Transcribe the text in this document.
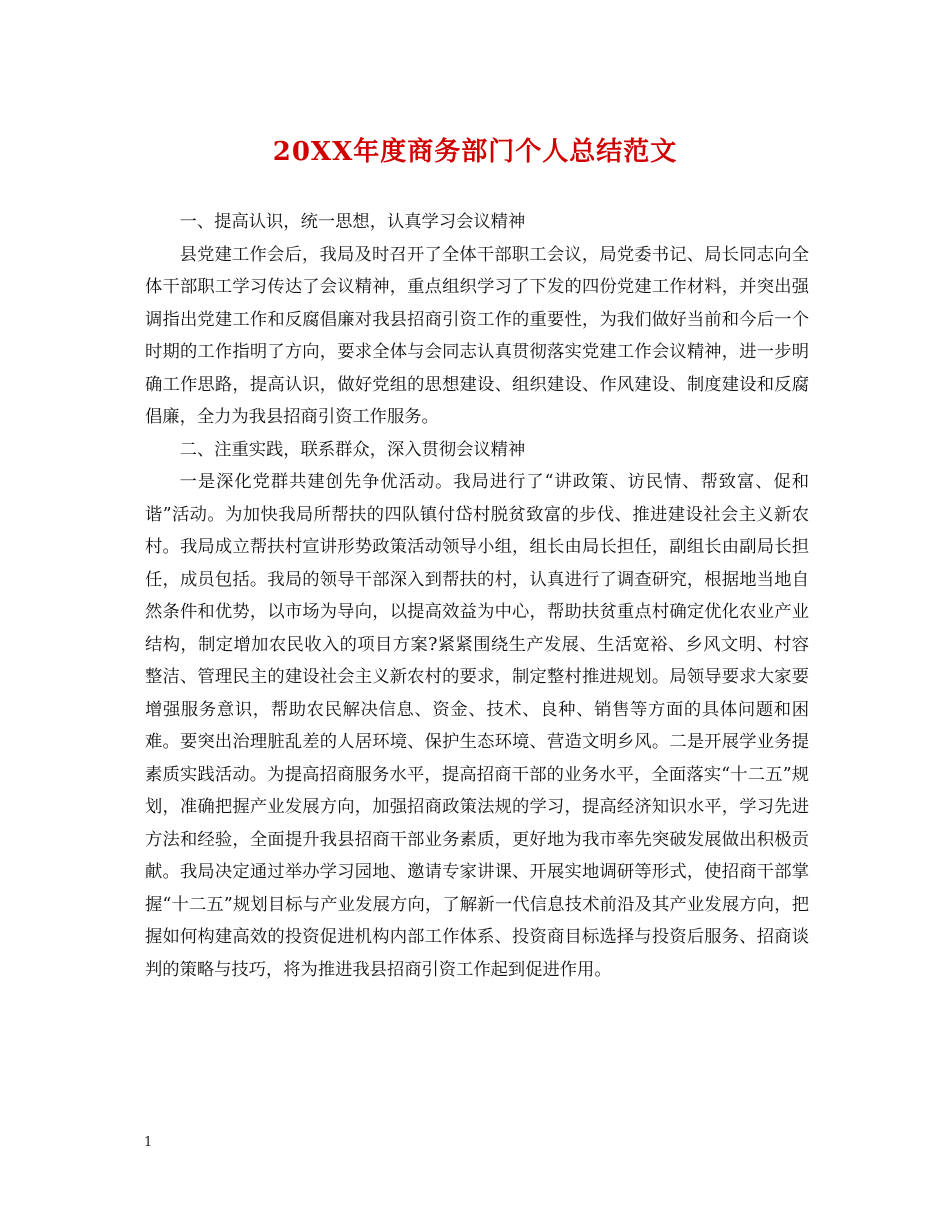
20XX年度商务部门个人总结范文

一、提高认识，统一思想，认真学习会议精神

县党建工作会后，我局及时召开了全体干部职工会议，局党委书记、局长同志向全体干部职工学习传达了会议精神，重点组织学习了下发的四份党建工作材料，并突出强调指出党建工作和反腐倡廉对我县招商引资工作的重要性，为我们做好当前和今后一个时期的工作指明了方向，要求全体与会同志认真贯彻落实党建工作会议精神，进一步明确工作思路，提高认识，做好党组的思想建设、组织建设、作风建设、制度建设和反腐倡廉，全力为我县招商引资工作服务。

二、注重实践，联系群众，深入贯彻会议精神

一是深化党群共建创先争优活动。我局进行了“讲政策、访民情、帮致富、促和谐”活动。为加快我局所帮扶的四队镇付岱村脱贫致富的步伐、推进建设社会主义新农村。我局成立帮扶村宣讲形势政策活动领导小组，组长由局长担任，副组长由副局长担任，成员包括。我局的领导干部深入到帮扶的村，认真进行了调查研究，根据地当地自然条件和优势，以市场为导向，以提高效益为中心，帮助扶贫重点村确定优化农业产业结构，制定增加农民收入的项目方案?紧紧围绕生产发展、生活宽裕、乡风文明、村容整洁、管理民主的建设社会主义新农村的要求，制定整村推进规划。局领导要求大家要增强服务意识，帮助农民解决信息、资金、技术、良种、销售等方面的具体问题和困难。要突出治理脏乱差的人居环境、保护生态环境、营造文明乡风。二是开展学业务提素质实践活动。为提高招商服务水平，提高招商干部的业务水平，全面落实“十二五”规划，准确把握产业发展方向，加强招商政策法规的学习，提高经济知识水平，学习先进方法和经验，全面提升我县招商干部业务素质，更好地为我市率先突破发展做出积极贡献。我局决定通过举办学习园地、邀请专家讲课、开展实地调研等形式，使招商干部掌握“十二五”规划目标与产业发展方向，了解新一代信息技术前沿及其产业发展方向，把握如何构建高效的投资促进机构内部工作体系、投资商目标选择与投资后服务、招商谈判的策略与技巧，将为推进我县招商引资工作起到促进作用。

1
